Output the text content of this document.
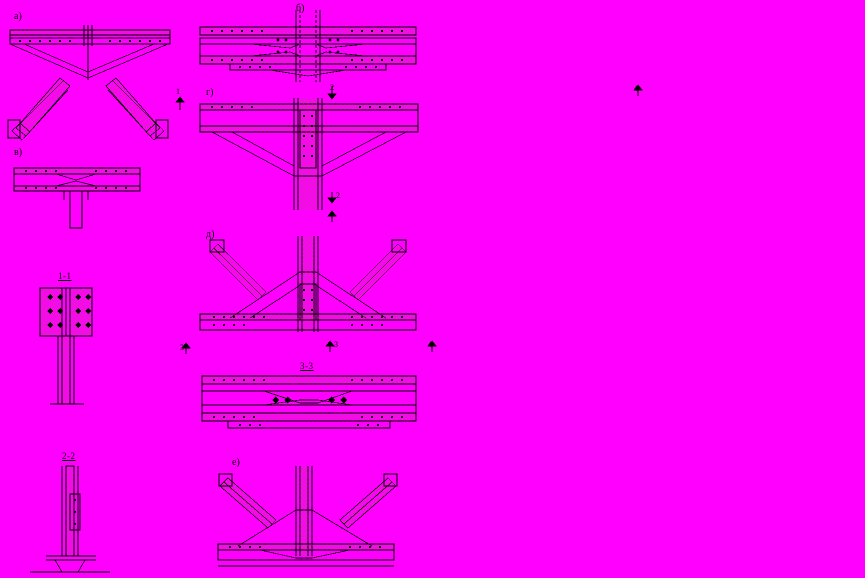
a)
б)
в)
г)
д)
е)
1-1
2-2
3-3
1	2
2
1
3	3	4
4
